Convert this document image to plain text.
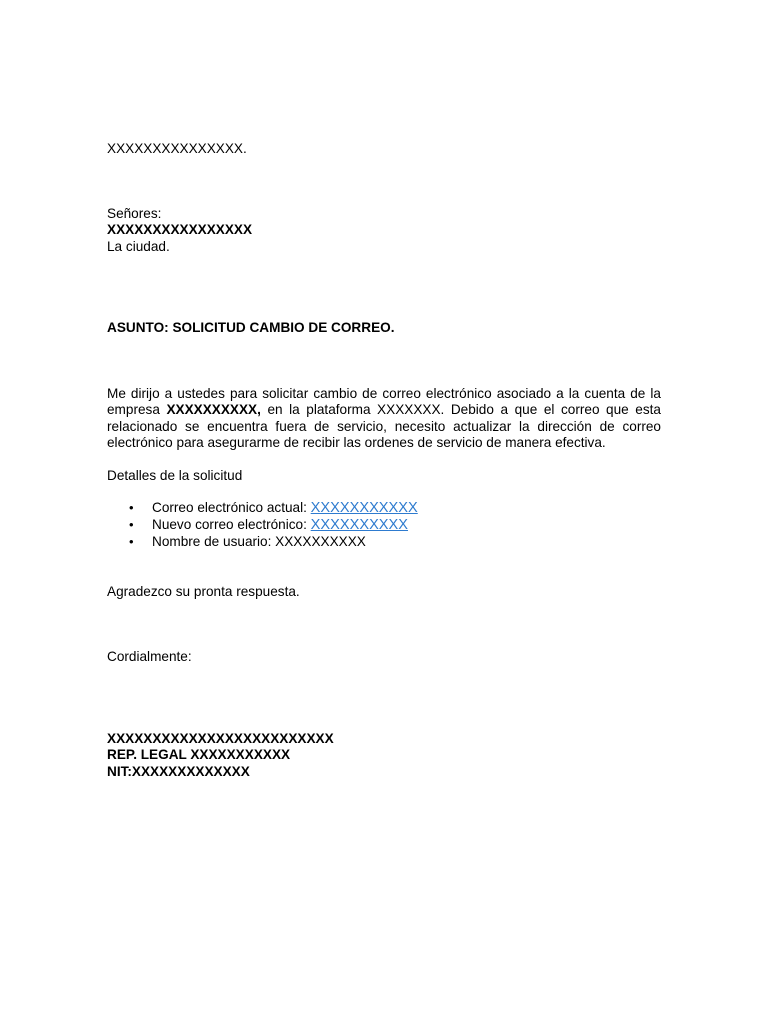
XXXXXXXXXXXXXXX.
Señores:
XXXXXXXXXXXXXXXX
La ciudad.
ASUNTO: SOLICITUD CAMBIO DE CORREO.
Me dirijo a ustedes para solicitar cambio de correo electrónico asociado a la cuenta de la empresa XXXXXXXXXX, en la plataforma XXXXXXX. Debido a que el correo que esta relacionado se encuentra fuera de servicio, necesito actualizar la dirección de correo electrónico para asegurarme de recibir las ordenes de servicio de manera efectiva.
Detalles de la solicitud
• Correo electrónico actual: XXXXXXXXXXX
• Nuevo correo electrónico: XXXXXXXXXX
• Nombre de usuario: XXXXXXXXXX
Agradezco su pronta respuesta.
Cordialmente:
XXXXXXXXXXXXXXXXXXXXXXXXX
REP. LEGAL XXXXXXXXXXX
NIT:XXXXXXXXXXXXX
